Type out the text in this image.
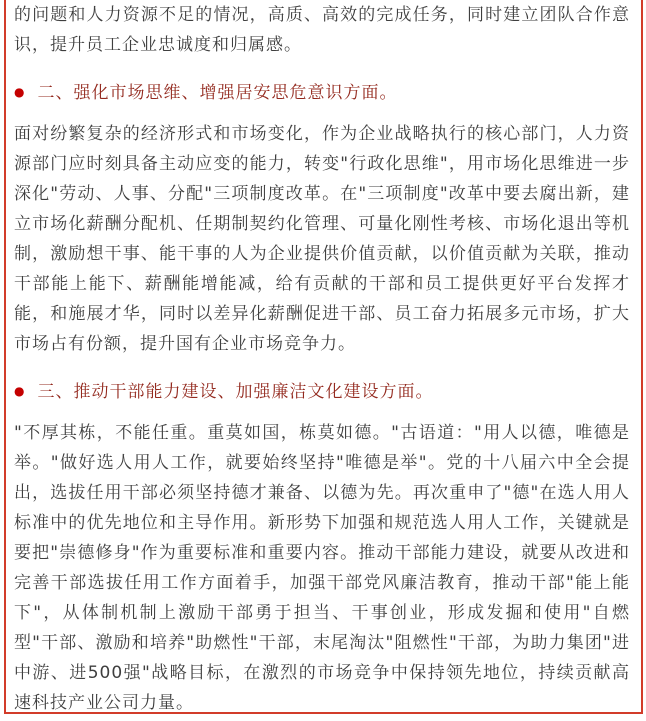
的问题和人力资源不足的情况，高质、高效的完成任务，同时建立团队合作意识，提升员工企业忠诚度和归属感。

● 二、强化市场思维、增强居安思危意识方面。

面对纷繁复杂的经济形式和市场变化，作为企业战略执行的核心部门，人力资源部门应时刻具备主动应变的能力，转变"行政化思维"，用市场化思维进一步深化"劳动、人事、分配"三项制度改革。在"三项制度"改革中要去腐出新，建立市场化薪酬分配机、任期制契约化管理、可量化刚性考核、市场化退出等机制，激励想干事、能干事的人为企业提供价值贡献，以价值贡献为关联，推动干部能上能下、薪酬能增能减，给有贡献的干部和员工提供更好平台发挥才能，和施展才华，同时以差异化薪酬促进干部、员工奋力拓展多元市场，扩大市场占有份额，提升国有企业市场竞争力。

● 三、推动干部能力建设、加强廉洁文化建设方面。

"不厚其栋，不能任重。重莫如国，栋莫如德。"古语道："用人以德，唯德是举。"做好选人用人工作，就要始终坚持"唯德是举"。党的十八届六中全会提出，选拔任用干部必须坚持德才兼备、以德为先。再次重申了"德"在选人用人标准中的优先地位和主导作用。新形势下加强和规范选人用人工作，关键就是要把"崇德修身"作为重要标准和重要内容。推动干部能力建设，就要从改进和完善干部选拔任用工作方面着手，加强干部党风廉洁教育，推动干部"能上能下"，从体制机制上激励干部勇于担当、干事创业，形成发掘和使用"自燃型"干部、激励和培养"助燃性"干部，末尾淘汰"阻燃性"干部，为助力集团"进中游、进500强"战略目标，在激烈的市场竞争中保持领先地位，持续贡献高速科技产业公司力量。
